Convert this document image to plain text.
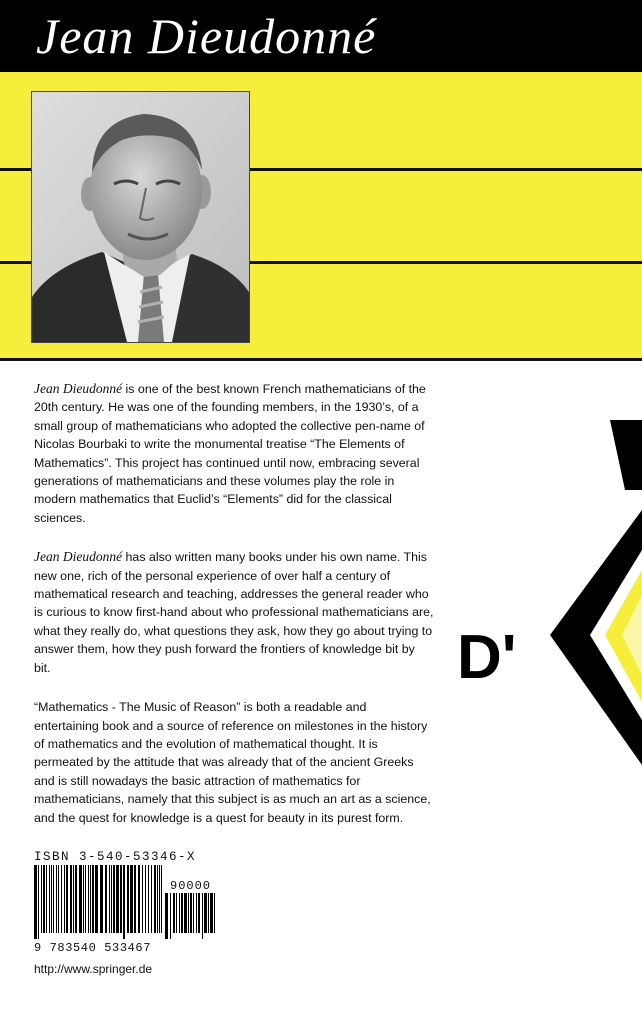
Jean Dieudonné

Jean Dieudonné is one of the best known French mathematicians of the 20th century. He was one of the founding members, in the 1930’s, of a small group of mathematicians who adopted the collective pen-name of Nicolas Bourbaki to write the monumental treatise “The Elements of Mathematics”. This project has continued until now, embracing several generations of mathematicians and these volumes play the role in modern mathematics that Euclid’s “Elements” did for the classical sciences.

Jean Dieudonné has also written many books under his own name. This new one, rich of the personal experience of over half a century of mathematical research and teaching, addresses the general reader who is curious to know first-hand about who professional mathematicians are, what they really do, what questions they ask, how they go about trying to answer them, how they push forward the frontiers of knowledge bit by bit.

“Mathematics - The Music of Reason” is both a readable and entertaining book and a source of reference on milestones in the history of mathematics and the evolution of mathematical thought. It is permeated by the attitude that was already that of the ancient Greeks and is still nowadays the basic attraction of mathematics for mathematicians, namely that this subject is as much an art as a science, and the quest for knowledge is a quest for beauty in its purest form.

ISBN 3-540-53346-X
90000
9 783540 533467
http://www.springer.de
D'
